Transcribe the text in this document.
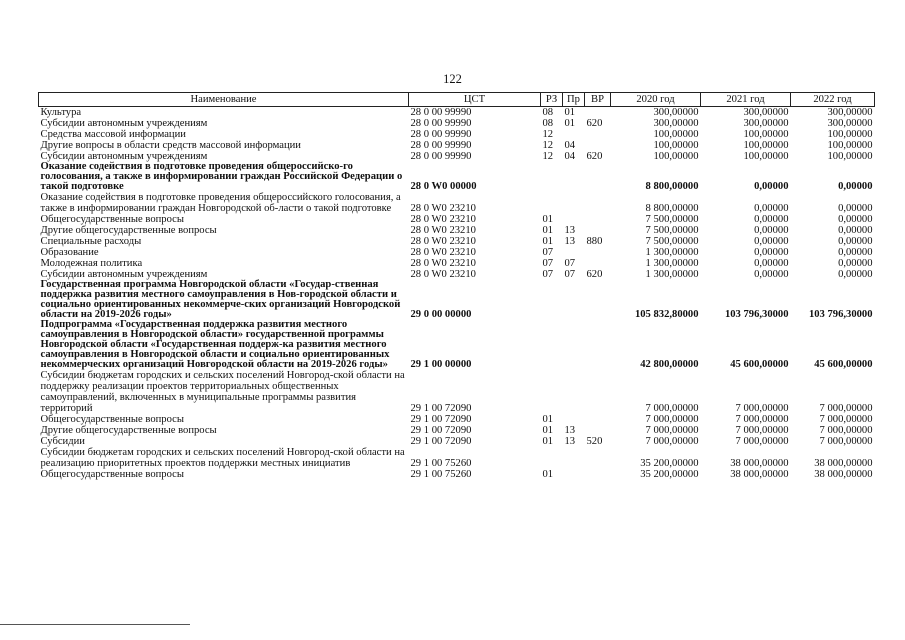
122
Наименование	ЦСТ	РЗ	Пр	ВР	2020 год	2021 год	2022 год
Культура	28 0 00 99990	08	01		300,00000	300,00000	300,00000
Субсидии автономным учреждениям	28 0 00 99990	08	01	620	300,00000	300,00000	300,00000
Средства массовой информации	28 0 00 99990	12			100,00000	100,00000	100,00000
Другие вопросы в области средств массовой информации	28 0 00 99990	12	04		100,00000	100,00000	100,00000
Субсидии автономным учреждениям	28 0 00 99990	12	04	620	100,00000	100,00000	100,00000
Оказание содействия в подготовке проведения общероссийско-го голосования, а также в информировании граждан Российской Федерации о такой подготовке	28 0 W0 00000				8 800,00000	0,00000	0,00000
Оказание содействия в подготовке проведения общероссийского голосования, а также в информировании граждан Новгородской об-ласти о такой подготовке	28 0 W0 23210				8 800,00000	0,00000	0,00000
Общегосударственные вопросы	28 0 W0 23210	01			7 500,00000	0,00000	0,00000
Другие общегосударственные вопросы	28 0 W0 23210	01	13		7 500,00000	0,00000	0,00000
Специальные расходы	28 0 W0 23210	01	13	880	7 500,00000	0,00000	0,00000
Образование	28 0 W0 23210	07			1 300,00000	0,00000	0,00000
Молодежная политика	28 0 W0 23210	07	07		1 300,00000	0,00000	0,00000
Субсидии автономным учреждениям	28 0 W0 23210	07	07	620	1 300,00000	0,00000	0,00000
Государственная программа Новгородской области «Государ-ственная поддержка развития местного самоуправления в Нов-городской области и социально ориентированных некоммерче-ских организаций Новгородской области на 2019-2026 годы»	29 0 00 00000				105 832,80000	103 796,30000	103 796,30000
Подпрограмма «Государственная поддержка развития местного самоуправления в Новгородской области» государственной программы Новгородской области «Государственная поддерж-ка развития местного самоуправления в Новгородской области и социально ориентированных некоммерческих организаций Новгородской области на 2019-2026 годы»	29 1 00 00000				42 800,00000	45 600,00000	45 600,00000
Субсидии бюджетам городских и сельских поселений Новгород-ской области на поддержку реализации проектов территориальных общественных самоуправлений, включенных в муниципальные программы развития территорий	29 1 00 72090				7 000,00000	7 000,00000	7 000,00000
Общегосударственные вопросы	29 1 00 72090	01			7 000,00000	7 000,00000	7 000,00000
Другие общегосударственные вопросы	29 1 00 72090	01	13		7 000,00000	7 000,00000	7 000,00000
Субсидии	29 1 00 72090	01	13	520	7 000,00000	7 000,00000	7 000,00000
Субсидии бюджетам городских и сельских поселений Новгород-ской области на реализацию приоритетных проектов поддержки местных инициатив	29 1 00 75260				35 200,00000	38 000,00000	38 000,00000
Общегосударственные вопросы	29 1 00 75260	01			35 200,00000	38 000,00000	38 000,00000
